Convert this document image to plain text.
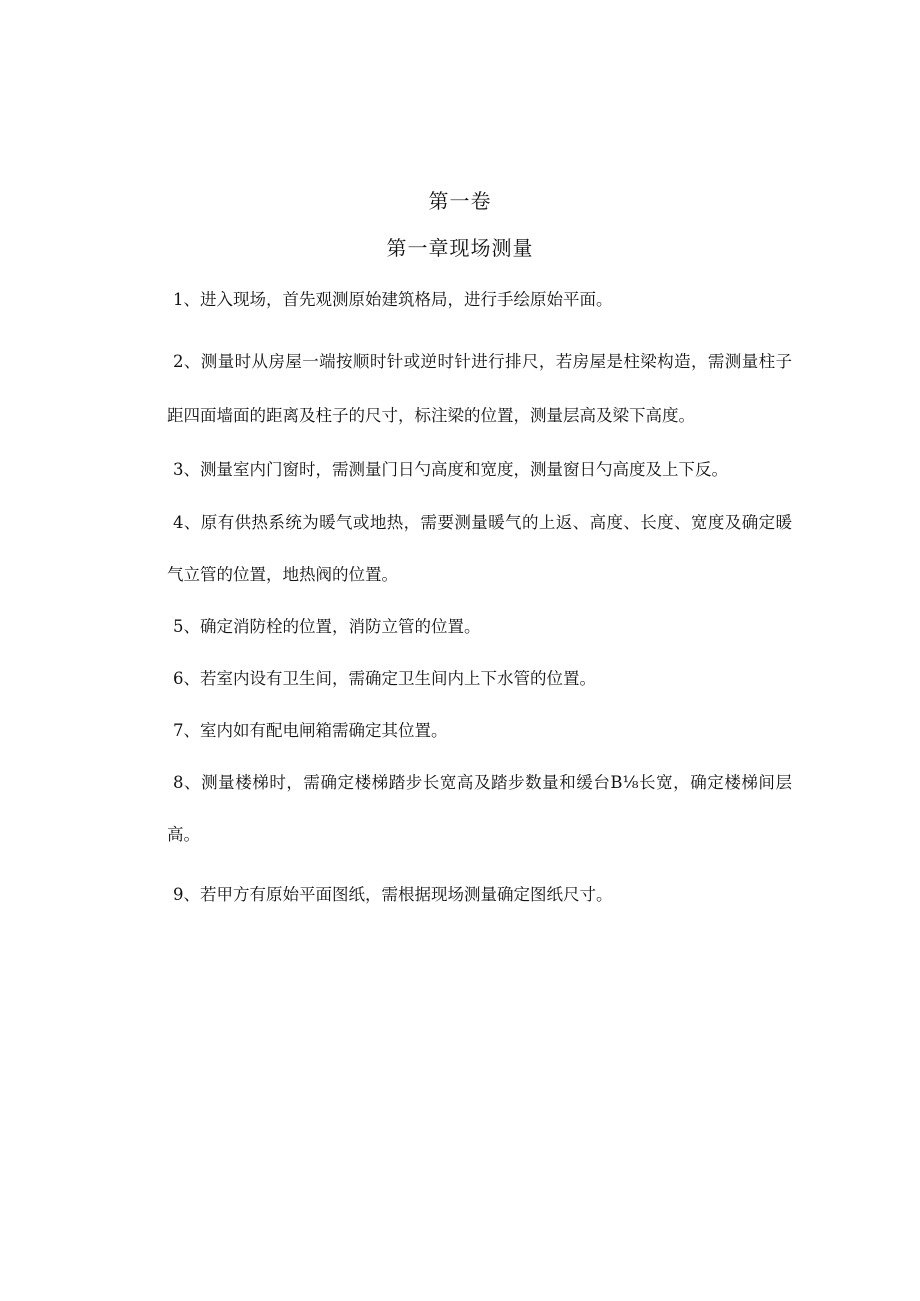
第一卷
第一章现场测量

1、进入现场，首先观测原始建筑格局，进行手绘原始平面。

2、测量时从房屋一端按顺时针或逆时针进行排尺，若房屋是柱梁构造，需测量柱子距四面墙面的距离及柱子的尺寸，标注梁的位置，测量层高及梁下高度。

3、测量室内门窗时，需测量门日勺高度和宽度，测量窗日勺高度及上下反。

4、原有供热系统为暖气或地热，需要测量暖气的上返、高度、长度、宽度及确定暖气立管的位置，地热阀的位置。

5、确定消防栓的位置，消防立管的位置。

6、若室内设有卫生间，需确定卫生间内上下水管的位置。

7、室内如有配电闸箱需确定其位置。

8、测量楼梯时，需确定楼梯踏步长宽高及踏步数量和缓台B⅛长宽，确定楼梯间层高。

9、若甲方有原始平面图纸，需根据现场测量确定图纸尺寸。
